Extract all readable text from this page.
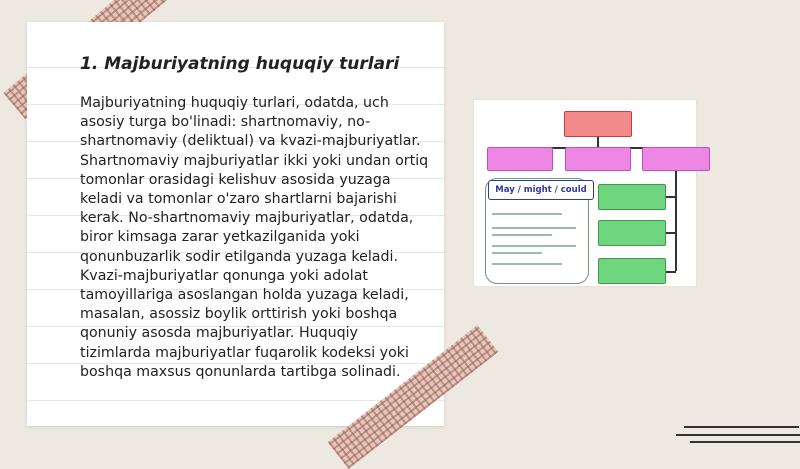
1. Majburiyatning huquqiy turlari

Majburiyatning huquqiy turlari, odatda, uch asosiy turga bo'linadi: shartnomaviy, no-shartnomaviy (deliktual) va kvazi-majburiyatlar. Shartnomaviy majburiyatlar ikki yoki undan ortiq tomonlar orasidagi kelishuv asosida yuzaga keladi va tomonlar o'zaro shartlarni bajarishi kerak. No-shartnomaviy majburiyatlar, odatda, biror kimsaga zarar yetkazilganida yoki qonunbuzarlik sodir etilganda yuzaga keladi. Kvazi-majburiyatlar qonunga yoki adolat tamoyillariga asoslangan holda yuzaga keladi, masalan, asossiz boylik orttirish yoki boshqa qonuniy asosda majburiyatlar. Huquqiy tizimlarda majburiyatlar fuqarolik kodeksi yoki boshqa maxsus qonunlarda tartibga solinadi.

May / might / could
